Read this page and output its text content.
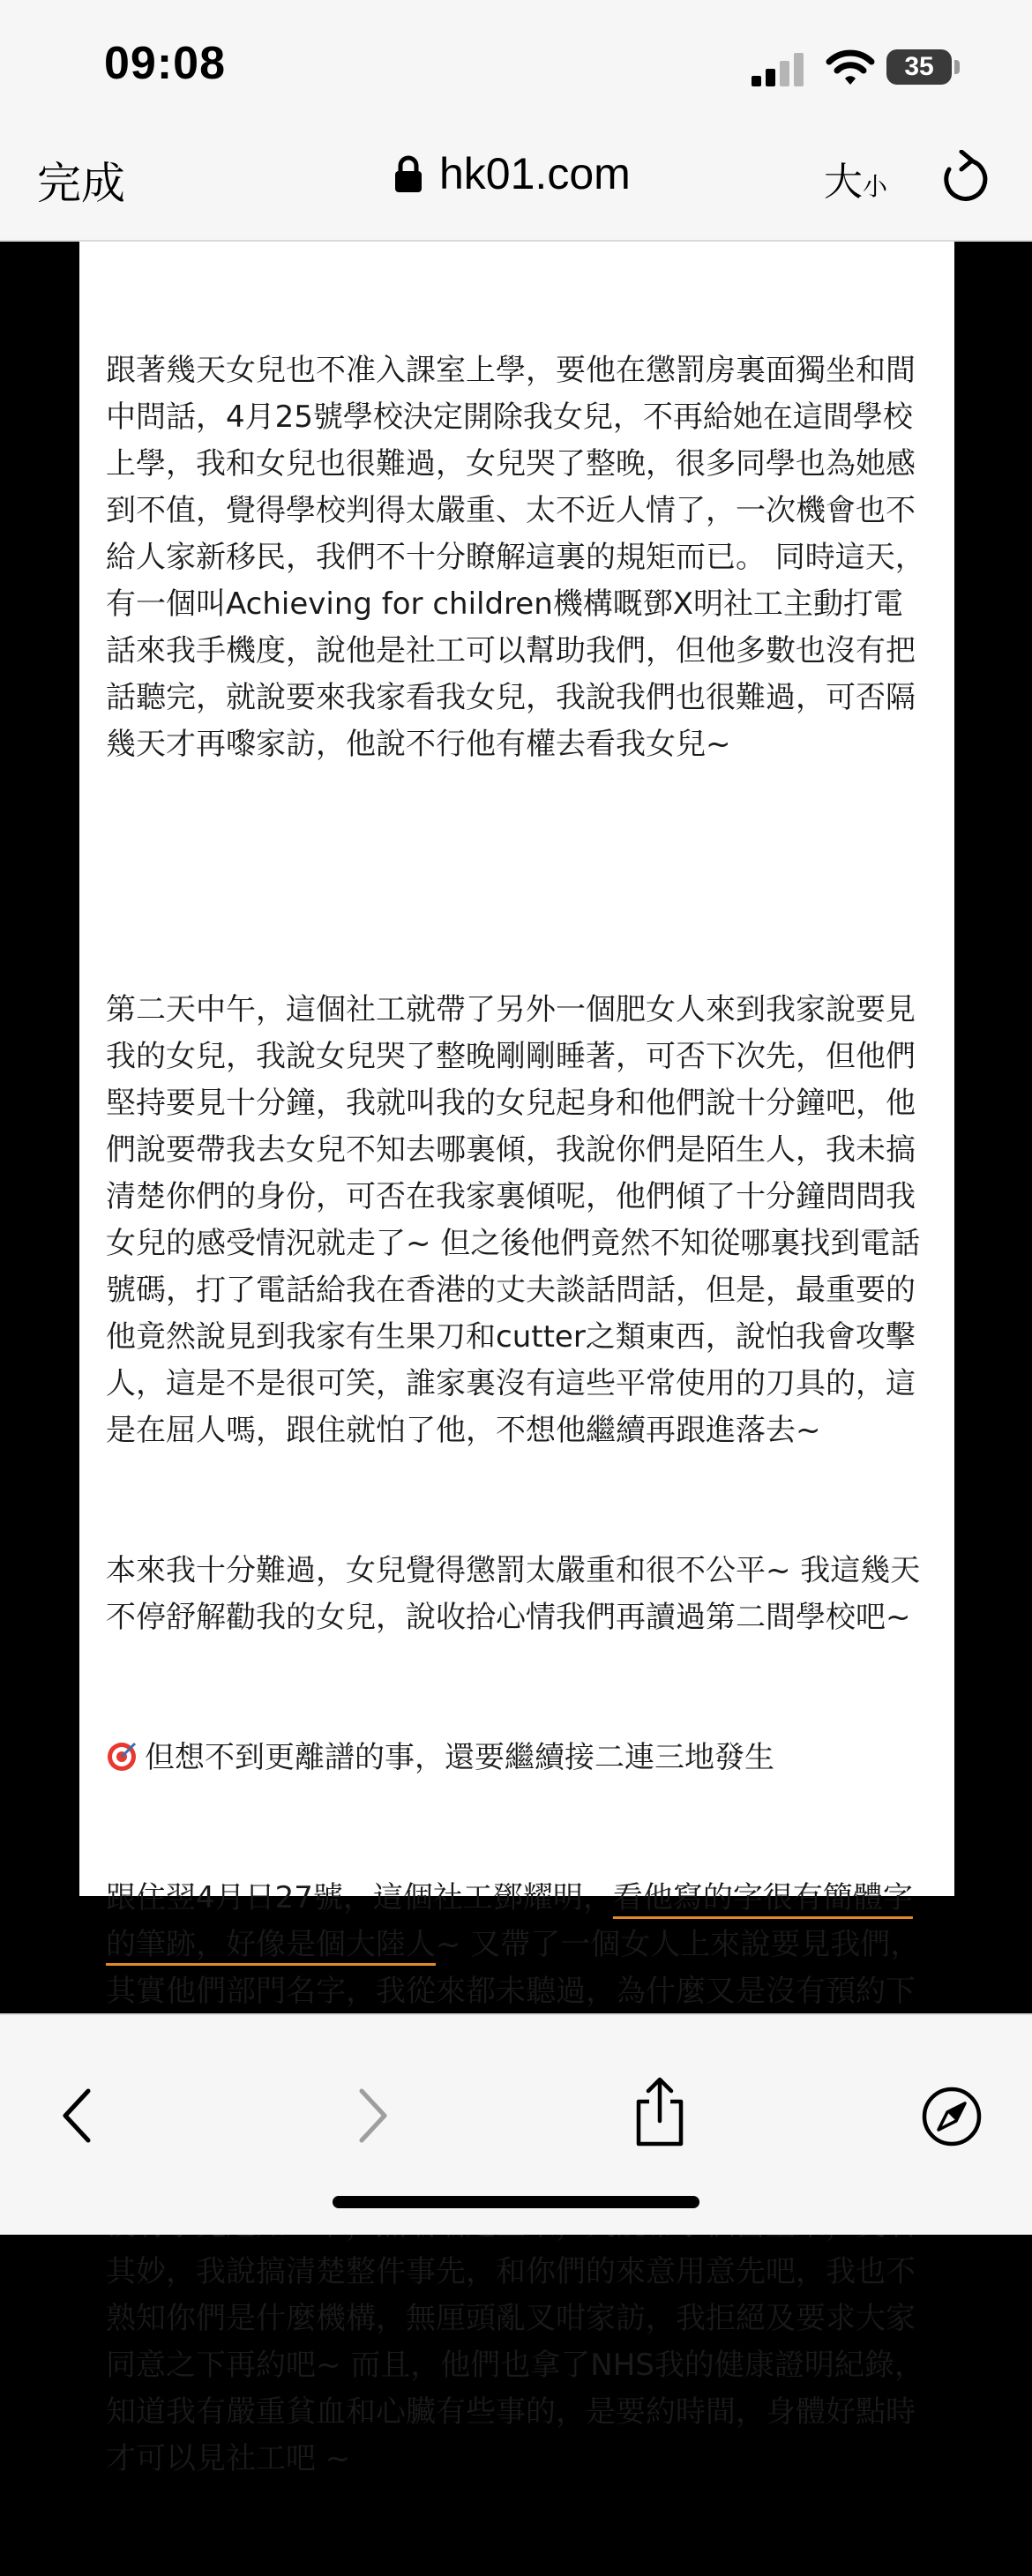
09:08	35
完成	hk01.com	大小

跟著幾天女兒也不准入課室上學，要他在懲罰房裏面獨坐和間中問話，4月25號學校決定開除我女兒，不再給她在這間學校上學，我和女兒也很難過，女兒哭了整晚，很多同學也為她感到不值，覺得學校判得太嚴重、太不近人情了，一次機會也不給人家新移民，我們不十分瞭解這裏的規矩而已。 同時這天，有一個叫Achieving for children機構嘅鄧X明社工主動打電話來我手機度，說他是社工可以幫助我們，但他多數也沒有把話聽完，就說要來我家看我女兒，我說我們也很難過，可否隔幾天才再嚟家訪，他說不行他有權去看我女兒~

第二天中午，這個社工就帶了另外一個肥女人來到我家說要見我的女兒，我說女兒哭了整晚剛剛睡著，可否下次先，但他們堅持要見十分鐘，我就叫我的女兒起身和他們說十分鐘吧，他們說要帶我去女兒不知去哪裏傾，我說你們是陌生人，我未搞清楚你們的身份，可否在我家裏傾呢，他們傾了十分鐘問問我女兒的感受情況就走了~ 但之後他們竟然不知從哪裏找到電話號碼，打了電話給我在香港的丈夫談話問話，但是，最重要的他竟然說見到我家有生果刀和cutter之類東西，說怕我會攻擊人，這是不是很可笑，誰家裏沒有這些平常使用的刀具的，這是在屈人嗎，跟住就怕了他，不想他繼續再跟進落去~

本來我十分難過，女兒覺得懲罰太嚴重和很不公平~ 我這幾天不停舒解勸我的女兒，說收拾心情我們再讀過第二間學校吧~

但想不到更離譜的事，還要繼續接二連三地發生

跟住翌4月日27號，這個社工鄧耀明，看他寫的字很有簡體字的筆跡，好像是個大陸人~ 又帶了一個女人上來說要見我們，其實他們部門名字，我從來都未聽過，為什麼又是沒有預約下 其妙，我說搞清楚整件事先，和你們的來意用意先吧，我也不熟知你們是什麼機構，無厘頭亂叉咁家訪，我拒絕及要求大家同意之下再約吧~ 而且，他們也拿了NHS我的健康證明紀錄，知道我有嚴重貧血和心臟有些事的，是要約時間，身體好點時才可以見社工吧 ~
